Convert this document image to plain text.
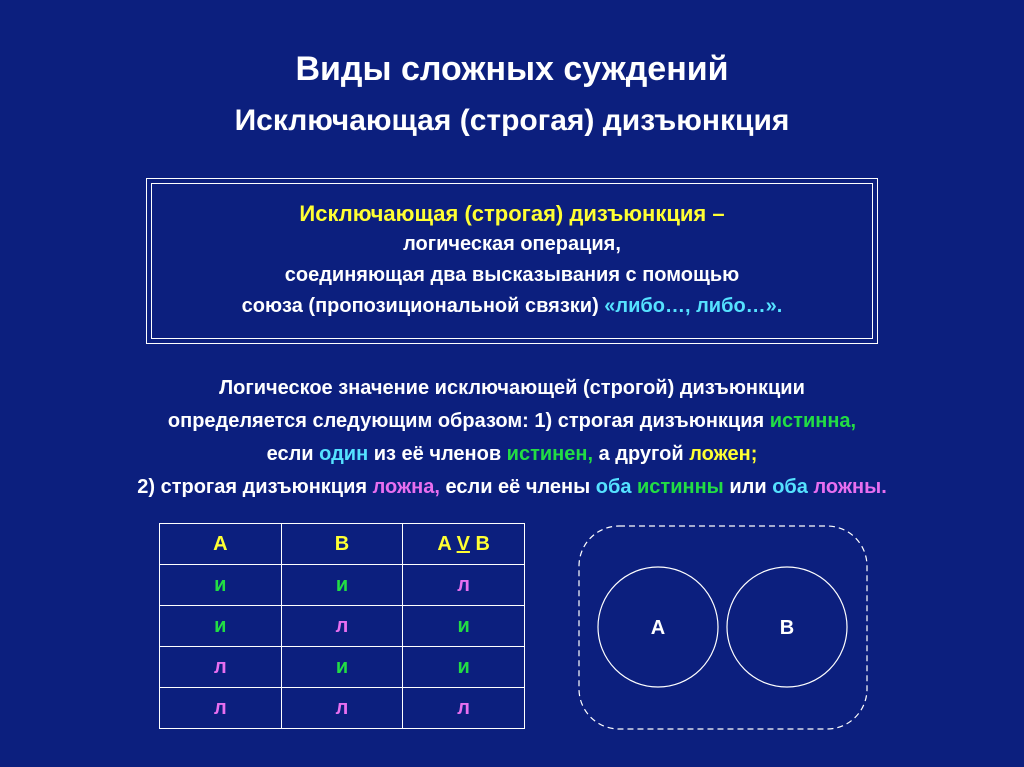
Виды сложных суждений
Исключающая (строгая) дизъюнкция
Исключающая (строгая) дизъюнкция –
логическая операция,
соединяющая два высказывания с помощью
союза (пропозициональной связки) «либо…, либо…».
Логическое значение исключающей (строгой) дизъюнкции
определяется следующим образом: 1) строгая дизъюнкция истинна,
если один из её членов истинен, а другой ложен;
2) строгая дизъюнкция ложна, если её члены оба истинны или оба ложны.
A	B	A V B
и	и	л
и	л	и
л	и	и
л	л	л
A	B
